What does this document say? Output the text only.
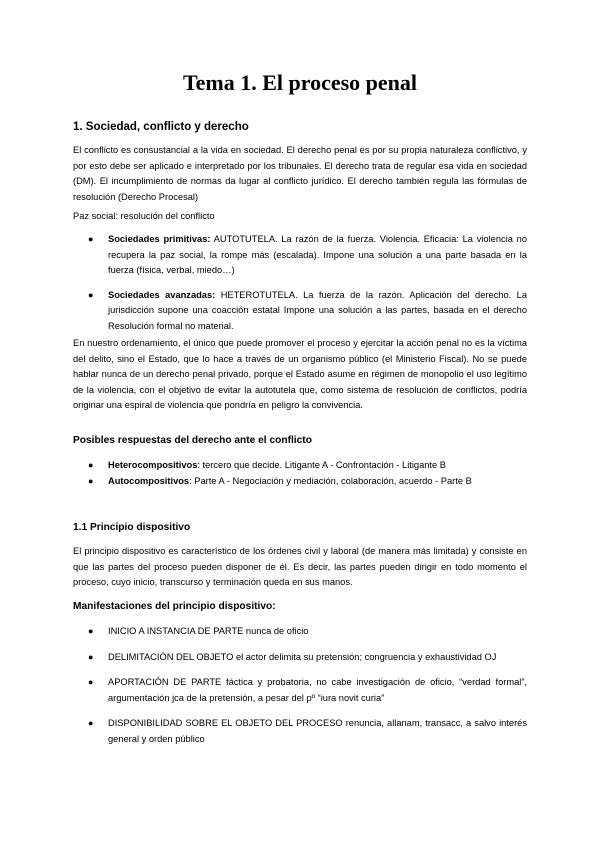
Tema 1. El proceso penal
1. Sociedad, conflicto y derecho

El conflicto es consustancial a la vida en sociedad. El derecho penal es por su propia naturaleza conflictivo, y por esto debe ser aplicado e interpretado por los tribunales. El derecho trata de regular esa vida en sociedad (DM). El incumplimiento de normas da lugar al conflicto jurídico. El derecho también regula las fórmulas de resolución (Derecho Procesal)

Paz social: resolución del conflicto

● Sociedades primitivas: AUTOTUTELA. La razón de la fuerza. Violencia. Eficacia: La violencia no recupera la paz social, la rompe más (escalada). Impone una solución a una parte basada en la fuerza (física, verbal, miedo…)
● Sociedades avanzadas: HETEROTUTELA. La fuerza de la razón. Aplicación del derecho. La jurisdicción supone una coacción estatal Impone una solución a las partes, basada en el derecho Resolución formal no material.

En nuestro ordenamiento, el único que puede promover el proceso y ejercitar la acción penal no es la víctima del delito, sino el Estado, que lo hace a través de un organismo público (el Ministerio Fiscal). No se puede hablar nunca de un derecho penal privado, porque el Estado asume en régimen de monopolio el uso legítimo de la violencia, con el objetivo de evitar la autotutela que, como sistema de resolución de conflictos, podría originar una espiral de violencia que pondría en peligro la convivencia.

Posibles respuestas del derecho ante el conflicto
● Heterocompositivos: tercero que decide. Litigante A - Confrontación - Litigante B
● Autocompositivos: Parte A - Negociación y mediación, colaboración, acuerdo - Parte B
1.1 Principio dispositivo

El principio dispositivo es característico de los órdenes civil y laboral (de manera más limitada) y consiste en que las partes del proceso pueden disponer de él. Es decir, las partes pueden dirigir en todo momento el proceso, cuyo inicio, transcurso y terminación queda en sus manos.

Manifestaciones del principio dispositivo:
● INICIO A INSTANCIA DE PARTE nunca de oficio
● DELIMITACIÓN DEL OBJETO el actor delimita su pretensión; congruencia y exhaustividad OJ
● APORTACIÓN DE PARTE fáctica y probatoria, no cabe investigación de oficio, “verdad formal”, argumentación jca de la pretensión, a pesar del pº “iura novit curia”
● DISPONIBILIDAD SOBRE EL OBJETO DEL PROCESO renuncia, allanam, transacc, a salvo interés general y orden público
